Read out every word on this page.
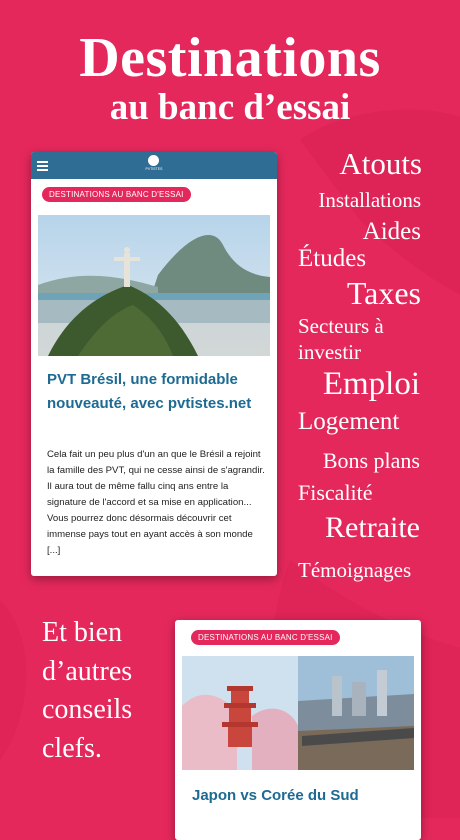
Destinations
au banc d’essai
PVTISTES
DESTINATIONS AU BANC D'ESSAI
PVT Brésil, une formidable nouveauté, avec pvtistes.net

Cela fait un peu plus d'un an que le Brésil a rejoint la famille des PVT, qui ne cesse ainsi de s'agrandir. Il aura tout de même fallu cinq ans entre la signature de l'accord et sa mise en application... Vous pourrez donc désormais découvrir cet immense pays tout en ayant accès à son monde [...]

Atouts
Installations
Aides
Études
Taxes
Secteurs à
investir
Emploi
Logement
Bons plans
Fiscalité
Retraite
Témoignages
Et bien
d’autres
conseils
clefs.
DESTINATIONS AU BANC D'ESSAI
Japon vs Corée du Sud
